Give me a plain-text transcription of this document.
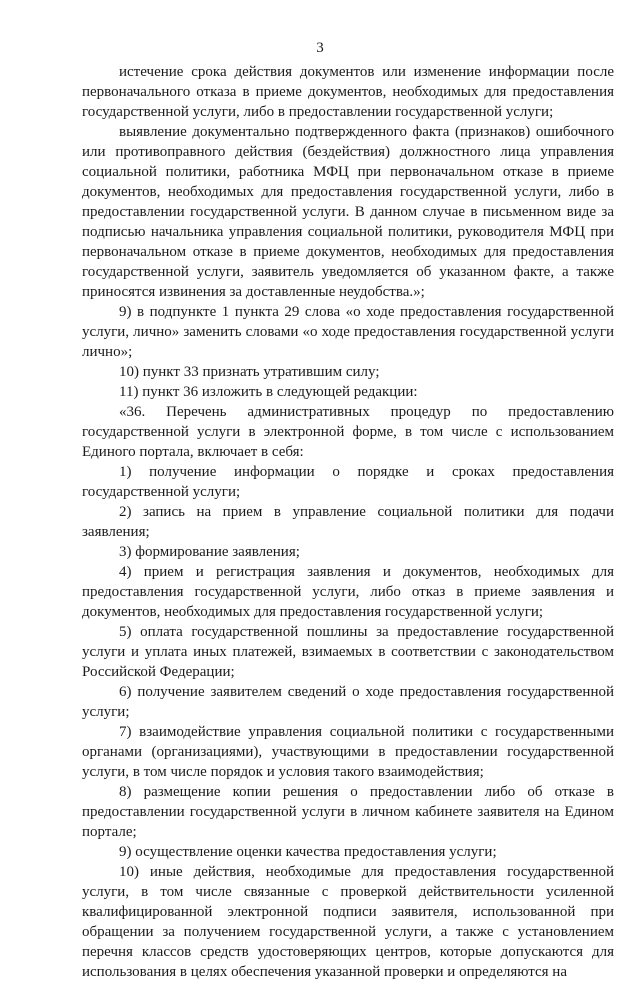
3

истечение срока действия документов или изменение информации после первоначального отказа в приеме документов, необходимых для предоставления государственной услуги, либо в предоставлении государственной услуги;

выявление документально подтвержденного факта (признаков) ошибочного или противоправного действия (бездействия) должностного лица управления социальной политики, работника МФЦ при первоначальном отказе в приеме документов, необходимых для предоставления государственной услуги, либо в предоставлении государственной услуги. В данном случае в письменном виде за подписью начальника управления социальной политики, руководителя МФЦ при первоначальном отказе в приеме документов, необходимых для предоставления государственной услуги, заявитель уведомляется об указанном факте, а также приносятся извинения за доставленные неудобства.»;

9) в подпункте 1 пункта 29 слова «о ходе предоставления государственной услуги, лично» заменить словами «о ходе предоставления государственной услуги лично»;

10) пункт 33 признать утратившим силу;

11) пункт 36 изложить в следующей редакции:

«36. Перечень административных процедур по предоставлению государственной услуги в электронной форме, в том числе с использованием Единого портала, включает в себя:

1) получение информации о порядке и сроках предоставления государственной услуги;

2) запись на прием в управление социальной политики для подачи заявления;

3) формирование заявления;

4) прием и регистрация заявления и документов, необходимых для предоставления государственной услуги, либо отказ в приеме заявления и документов, необходимых для предоставления государственной услуги;

5) оплата государственной пошлины за предоставление государственной услуги и уплата иных платежей, взимаемых в соответствии с законодательством Российской Федерации;

6) получение заявителем сведений о ходе предоставления государственной услуги;

7) взаимодействие управления социальной политики с государственными органами (организациями), участвующими в предоставлении государственной услуги, в том числе порядок и условия такого взаимодействия;

8) размещение копии решения о предоставлении либо об отказе в предоставлении государственной услуги в личном кабинете заявителя на Едином портале;

9) осуществление оценки качества предоставления услуги;

10) иные действия, необходимые для предоставления государственной услуги, в том числе связанные с проверкой действительности усиленной квалифицированной электронной подписи заявителя, использованной при обращении за получением государственной услуги, а также с установлением перечня классов средств удостоверяющих центров, которые допускаются для использования в целях обеспечения указанной проверки и определяются на
